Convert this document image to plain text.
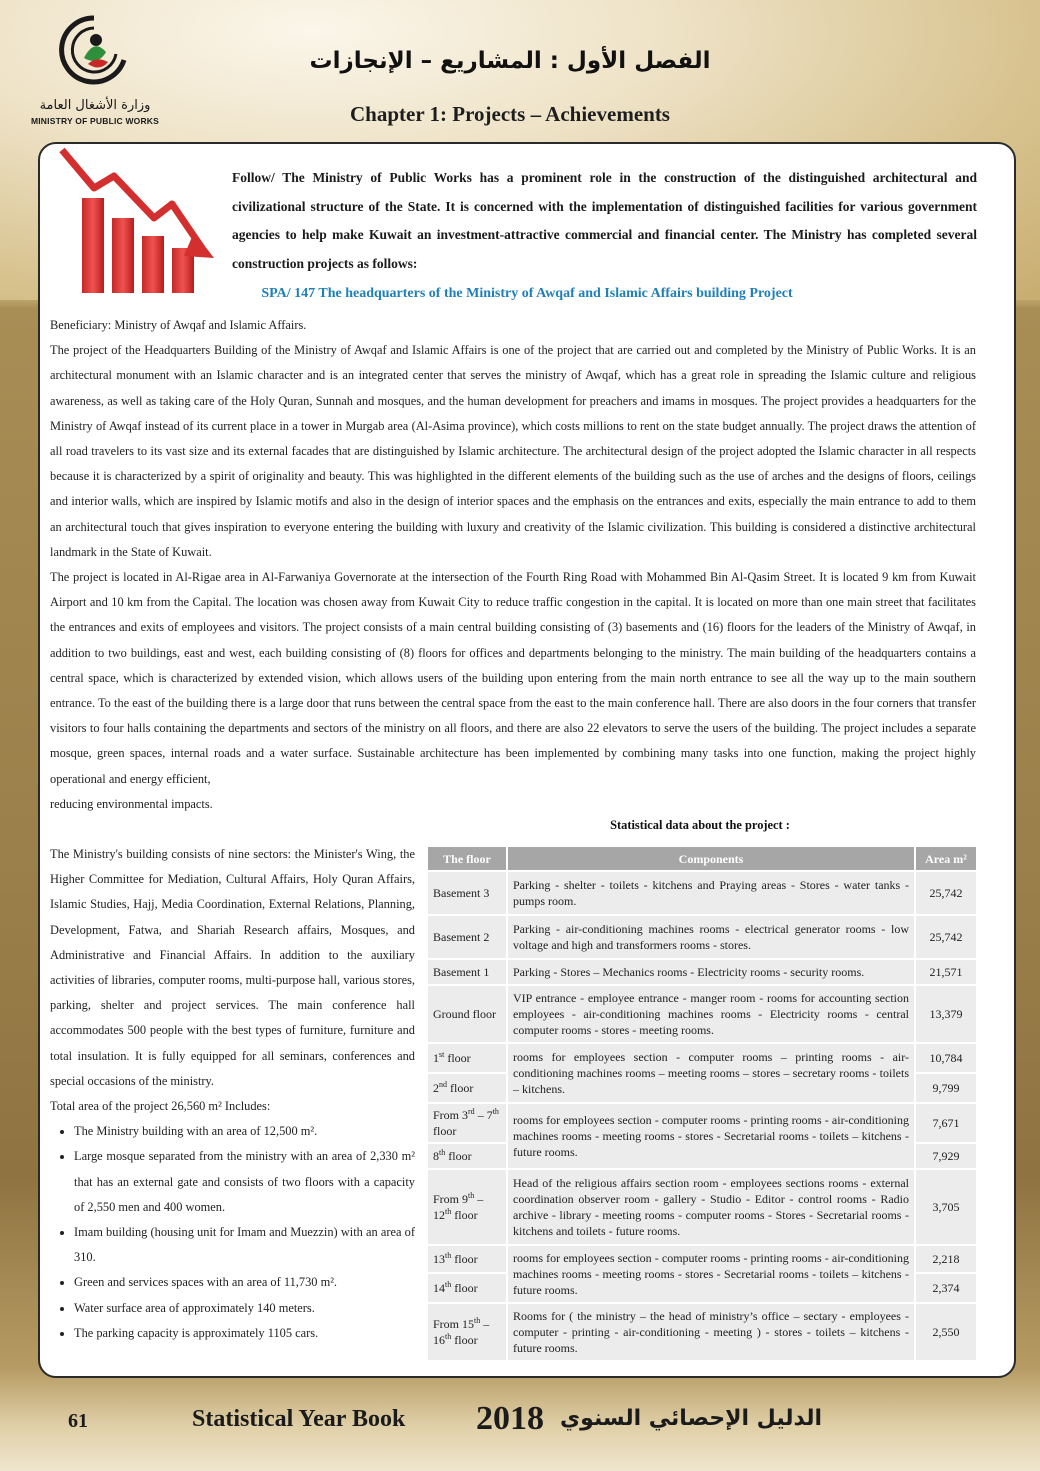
وزارة الأشغال العامة
MINISTRY OF PUBLIC WORKS
الفصل الأول : المشاريع – الإنجازات
Chapter 1: Projects – Achievements
Follow/ The Ministry of Public Works has a prominent role in the construction of the distinguished architectural and civilizational structure of the State. It is concerned with the implementation of distinguished facilities for various government agencies to help make Kuwait an investment-attractive commercial and financial center. The Ministry has completed several construction projects as follows:
SPA/ 147 The headquarters of the Ministry of Awqaf and Islamic Affairs building Project

Beneficiary: Ministry of Awqaf and Islamic Affairs.

The project of the Headquarters Building of the Ministry of Awqaf and Islamic Affairs is one of the project that are carried out and completed by the Ministry of Public Works. It is an architectural monument with an Islamic character and is an integrated center that serves the ministry of Awqaf, which has a great role in spreading the Islamic culture and religious awareness, as well as taking care of the Holy Quran, Sunnah and mosques, and the human development for preachers and imams in mosques. The project provides a headquarters for the Ministry of Awqaf instead of its current place in a tower in Murgab area (Al-Asima province), which costs millions to rent on the state budget annually. The project draws the attention of all road travelers to its vast size and its external facades that are distinguished by Islamic architecture. The architectural design of the project adopted the Islamic character in all respects because it is characterized by a spirit of originality and beauty. This was highlighted in the different elements of the building such as the use of arches and the designs of floors, ceilings and interior walls, which are inspired by Islamic motifs and also in the design of interior spaces and the emphasis on the entrances and exits, especially the main entrance to add to them an architectural touch that gives inspiration to everyone entering the building with luxury and creativity of the Islamic civilization. This building is considered a distinctive architectural landmark in the State of Kuwait.

The project is located in Al-Rigae area in Al-Farwaniya Governorate at the intersection of the Fourth Ring Road with Mohammed Bin Al-Qasim Street. It is located 9 km from Kuwait Airport and 10 km from the Capital. The location was chosen away from Kuwait City to reduce traffic congestion in the capital. It is located on more than one main street that facilitates the entrances and exits of employees and visitors. The project consists of a main central building consisting of (3) basements and (16) floors for the leaders of the Ministry of Awqaf, in addition to two buildings, east and west, each building consisting of (8) floors for offices and departments belonging to the ministry. The main building of the headquarters contains a central space, which is characterized by extended vision, which allows users of the building upon entering from the main north entrance to see all the way up to the main southern entrance. To the east of the building there is a large door that runs between the central space from the east to the main conference hall. There are also doors in the four corners that transfer visitors to four halls containing the departments and sectors of the ministry on all floors, and there are also 22 elevators to serve the users of the building. The project includes a separate mosque, green spaces, internal roads and a water surface. Sustainable architecture has been implemented by combining many tasks into one function, making the project highly operational and energy efficient,

reducing environmental impacts.

Statistical data about the project :

The Ministry's building consists of nine sectors: the Minister's Wing, the Higher Committee for Mediation, Cultural Affairs, Holy Quran Affairs, Islamic Studies, Hajj, Media Coordination, External Relations, Planning, Development, Fatwa, and Shariah Research affairs, Mosques, and Administrative and Financial Affairs. In addition to the auxiliary activities of libraries, computer rooms, multi-purpose hall, various stores, parking, shelter and project services. The main conference hall accommodates 500 people with the best types of furniture, furniture and total insulation. It is fully equipped for all seminars, conferences and special occasions of the ministry.

Total area of the project 26,560 m² Includes:

• The Ministry building with an area of 12,500 m².
• Large mosque separated from the ministry with an area of 2,330 m² that has an external gate and consists of two floors with a capacity of 2,550 men and 400 women.
• Imam building (housing unit for Imam and Muezzin) with an area of 310.
• Green and services spaces with an area of 11,730 m².
• Water surface area of approximately 140 meters.
• The parking capacity is approximately 1105 cars.
The floor	Components	Area m²
Basement 3	Parking - shelter - toilets - kitchens and Praying areas - Stores - water tanks - pumps room.	25,742
Basement 2	Parking - air-conditioning machines rooms - electrical generator rooms - low voltage and high and transformers rooms - stores.	25,742
Basement 1	Parking - Stores – Mechanics rooms - Electricity rooms - security rooms.	21,571
Ground floor	VIP entrance - employee entrance - manger room - rooms for accounting section employees - air-conditioning machines rooms - Electricity rooms - central computer rooms - stores - meeting rooms.	13,379
1st floor	rooms for employees section - computer rooms – printing rooms - air-conditioning machines rooms – meeting rooms – stores – secretary rooms - toilets – kitchens.	10,784
2nd floor		9,799
From 3rd – 7th floor	rooms for employees section - computer rooms - printing rooms - air-conditioning machines rooms - meeting rooms - stores - Secretarial rooms - toilets – kitchens - future rooms.	7,671
8th floor		7,929
From 9th – 12th floor	Head of the religious affairs section room - employees sections rooms - external coordination observer room - gallery - Studio - Editor - control rooms - Radio archive - library - meeting rooms - computer rooms - Stores - Secretarial rooms - kitchens and toilets - future rooms.	3,705
13th floor	rooms for employees section - computer rooms - printing rooms - air-conditioning machines rooms - meeting rooms - stores - Secretarial rooms - toilets – kitchens - future rooms.	2,218
14th floor		2,374
From 15th – 16th floor	Rooms for ( the ministry – the head of ministry’s office – sectary - employees - computer - printing - air-conditioning - meeting ) - stores - toilets – kitchens - future rooms.	2,550
61	Statistical Year Book 2018 الدليل الإحصائي السنوي
